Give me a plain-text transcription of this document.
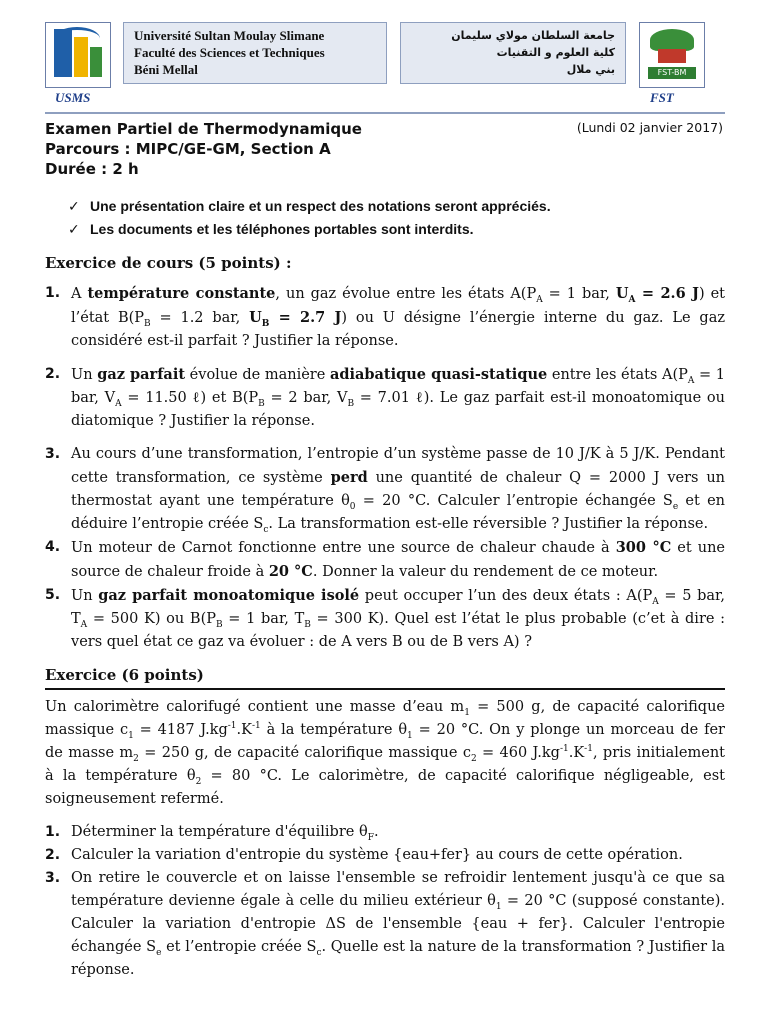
USMS
Université Sultan Moulay Slimane
Faculté des Sciences et Techniques
Béni Mellal
جامعة السلطان مولاي سليمان
كلية العلوم و التقنيات
بني ملال	FST-BM
FST
Examen Partiel de Thermodynamique	(Lundi 02 janvier 2017)
Parcours : MIPC/GE-GM, Section A
Durée : 2 h
✓ Une présentation claire et un respect des notations seront appréciés.
✓ Les documents et les téléphones portables sont interdits.
Exercice de cours (5 points) :
1. A température constante, un gaz évolue entre les états $A(P_A = 1$ bar, $U_A = 2.6$ J) et l’état $B(P_B = 1.2$ bar, $U_B = 2.7$ J) ou U désigne l’énergie interne du gaz. Le gaz considéré est-il parfait ? Justifier la réponse.
2. Un gaz parfait évolue de manière adiabatique quasi-statique entre les états $A(P_A = 1$ bar, $V_A = 11.50$ ℓ) et $B(P_B = 2$ bar, $V_B = 7.01$ ℓ). Le gaz parfait est-il monoatomique ou diatomique ? Justifier la réponse.
3. Au cours d’une transformation, l’entropie d’un système passe de 10 J/K à 5 J/K. Pendant cette transformation, ce système perd une quantité de chaleur Q = 2000 J vers un thermostat ayant une température $\theta_0 = 20$ °C. Calculer l’entropie échangée $S_e$ et en déduire l’entropie créée $S_c$. La transformation est-elle réversible ? Justifier la réponse.
4. Un moteur de Carnot fonctionne entre une source de chaleur chaude à 300 °C et une source de chaleur froide à 20 °C. Donner la valeur du rendement de ce moteur.
5. Un gaz parfait monoatomique isolé peut occuper l’un des deux états : $A(P_A = 5$ bar, $T_A = 500$ K) ou $B(P_B = 1$ bar, $T_B = 300$ K). Quel est l’état le plus probable (c’et à dire : vers quel état ce gaz va évoluer : de A vers B ou de B vers A) ?
Exercice (6 points)
Un calorimètre calorifugé contient une masse d’eau $m_1 = 500$ g, de capacité calorifique massique $c_1 = 4187$ $J.kg^{-1}.K^{-1}$ à la température $\theta_1 = 20$ °C. On y plonge un morceau de fer de masse $m_2 = 250$ g, de capacité calorifique massique $c_2 = 460$ $J.kg^{-1}.K^{-1}$, pris initialement à la température $\theta_2 = 80$ °C. Le calorimètre, de capacité calorifique négligeable, est soigneusement refermé.
1. Déterminer la température d'équilibre $\theta_F$.
2. Calculer la variation d'entropie du système {eau+fer} au cours de cette opération.
3. On retire le couvercle et on laisse l'ensemble se refroidir lentement jusqu'à ce que sa température devienne égale à celle du milieu extérieur $\theta_1 = 20$ °C (supposé constante). Calculer la variation d'entropie ΔS de l'ensemble {eau + fer}. Calculer l'entropie échangée $S_e$ et l’entropie créée $S_c$. Quelle est la nature de la transformation ? Justifier la réponse.
